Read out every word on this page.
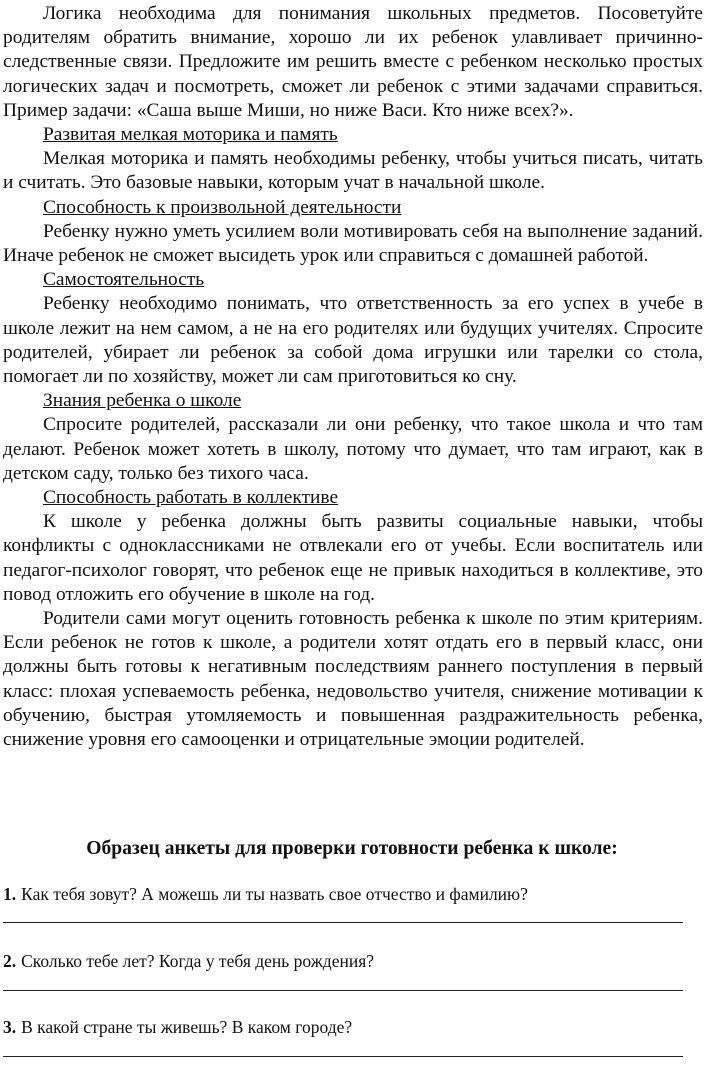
Логика необходима для понимания школьных предметов. Посоветуйте родителям обратить внимание, хорошо ли их ребенок улавливает причинно-следственные связи. Предложите им решить вместе с ребенком несколько простых логических задач и посмотреть, сможет ли ребенок с этими задачами справиться. Пример задачи: «Саша выше Миши, но ниже Васи. Кто ниже всех?».

Развитая мелкая моторика и память

Мелкая моторика и память необходимы ребенку, чтобы учиться писать, читать и считать. Это базовые навыки, которым учат в начальной школе.

Способность к произвольной деятельности

Ребенку нужно уметь усилием воли мотивировать себя на выполнение заданий. Иначе ребенок не сможет высидеть урок или справиться с домашней работой.

Самостоятельность

Ребенку необходимо понимать, что ответственность за его успех в учебе в школе лежит на нем самом, а не на его родителях или будущих учителях. Спросите родителей, убирает ли ребенок за собой дома игрушки или тарелки со стола, помогает ли по хозяйству, может ли сам приготовиться ко сну.

Знания ребенка о школе

Спросите родителей, рассказали ли они ребенку, что такое школа и что там делают. Ребенок может хотеть в школу, потому что думает, что там играют, как в детском саду, только без тихого часа.

Способность работать в коллективе

К школе у ребенка должны быть развиты социальные навыки, чтобы конфликты с одноклассниками не отвлекали его от учебы. Если воспитатель или педагог-психолог говорят, что ребенок еще не привык находиться в коллективе, это повод отложить его обучение в школе на год.

Родители сами могут оценить готовность ребенка к школе по этим критериям. Если ребенок не готов к школе, а родители хотят отдать его в первый класс, они должны быть готовы к негативным последствиям раннего поступления в первый класс: плохая успеваемость ребенка, недовольство учителя, снижение мотивации к обучению, быстрая утомляемость и повышенная раздражительность ребенка, снижение уровня его самооценки и отрицательные эмоции родителей.

Образец анкеты для проверки готовности ребенка к школе:
1. Как тебя зовут? А можешь ли ты назвать свое отчество и фамилию?
2. Сколько тебе лет? Когда у тебя день рождения?
3. В какой стране ты живешь? В каком городе?
